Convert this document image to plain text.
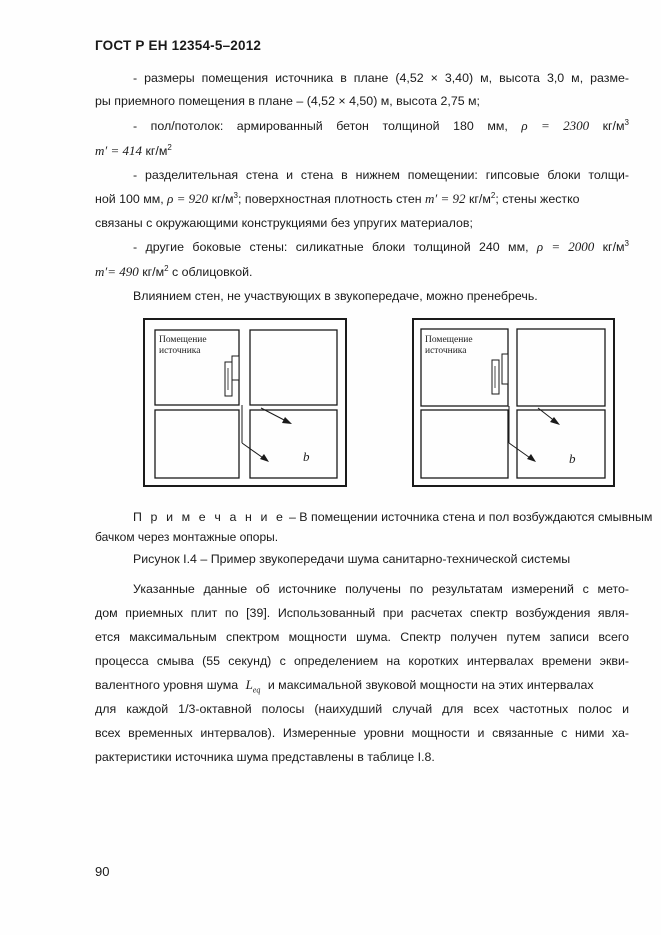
ГОСТ Р ЕН 12354-5–2012
- размеры помещения источника в плане (4,52 × 3,40) м, высота 3,0 м, разме-
ры приемного помещения в плане – (4,52 × 4,50) м, высота 2,75 м;
- пол/потолок: армированный бетон толщиной 180 мм, ρ = 2300 $кг/м^3$
m′ = 414 $кг/м^2$
- разделительная стена и стена в нижнем помещении: гипсовые блоки толщи-
ной 100 мм, ρ = 920 $кг/м^3$; поверхностная плотность стен m′ = 92 $кг/м^2$; стены жестко
связаны с окружающими конструкциями без упругих материалов;
- другие боковые стены: силикатные блоки толщиной 240 мм, ρ = 2000 $кг/м^3$
m′= 490 $кг/м^2$ с облицовкой.
Влиянием стен, не участвующих в звукопередаче, можно пренебречь.
Помещение
источника
b
Помещение
источника
b
П р и м е ч а н и е – В помещении источника стена и пол возбуждаются смывным
бачком через монтажные опоры.
Рисунок I.4 – Пример звукопередачи шума санитарно-технической системы
Указанные данные об источнике получены по результатам измерений с мето-
дом приемных плит по [39]. Использованный при расчетах спектр возбуждения явля-
ется максимальным спектром мощности шума. Спектр получен путем записи всего
процесса смыва (55 секунд) с определением на коротких интервалах времени экви-
валентного уровня шума $L_{eq}$ и максимальной звуковой мощности на этих интервалах
для каждой 1/3-октавной полосы (наихудший случай для всех частотных полос и
всех временных интервалов). Измеренные уровни мощности и связанные с ними ха-
рактеристики источника шума представлены в таблице I.8.
90
